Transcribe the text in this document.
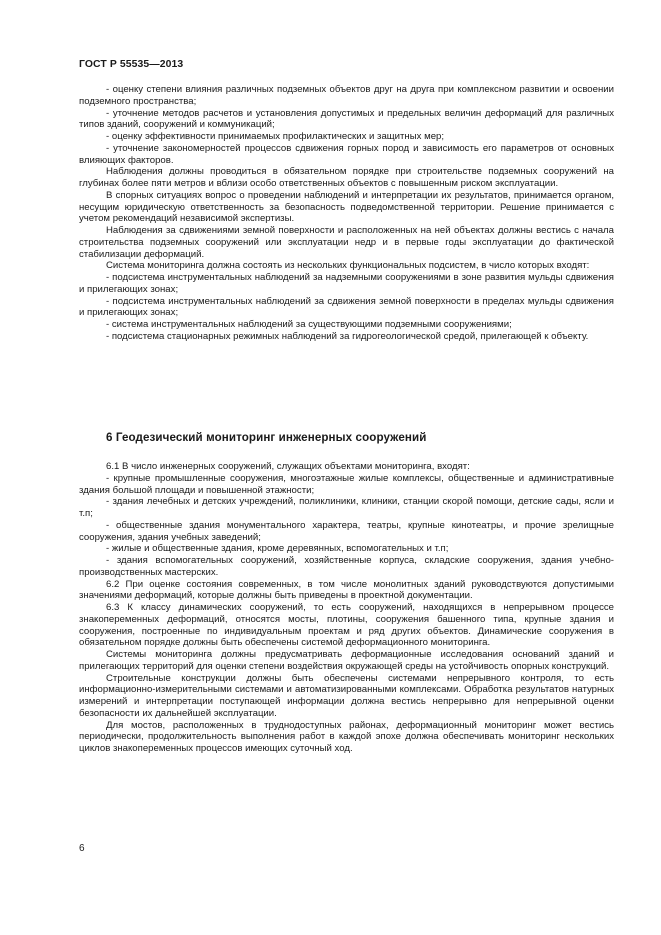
ГОСТ Р 55535—2013

- оценку степени влияния различных подземных объектов друг на друга при комплексном развитии и освоении подземного пространства;

- уточнение методов расчетов и установления допустимых и предельных величин деформаций для различных типов зданий, сооружений и коммуникаций;

- оценку эффективности принимаемых профилактических и защитных мер;

- уточнение закономерностей процессов сдвижения горных пород и зависимость его параметров от основных влияющих факторов.

Наблюдения должны проводиться в обязательном порядке при строительстве подземных сооружений на глубинах более пяти метров и вблизи особо ответственных объектов с повышенным риском эксплуатации.

В спорных ситуациях вопрос о проведении наблюдений и интерпретации их результатов, принимается органом, несущим юридическую ответственность за безопасность подведомственной территории. Решение принимается с учетом рекомендаций независимой экспертизы.

Наблюдения за сдвижениями земной поверхности и расположенных на ней объектах должны вестись с начала строительства подземных сооружений или эксплуатации недр и в первые годы эксплуатации до фактической стабилизации деформаций.

Система мониторинга должна состоять из нескольких функциональных подсистем, в число которых входят:

- подсистема инструментальных наблюдений за надземными сооружениями в зоне развития мульды сдвижения и прилегающих зонах;

- подсистема инструментальных наблюдений за сдвижения земной поверхности в пределах мульды сдвижения и прилегающих зонах;

- система инструментальных наблюдений за существующими подземными сооружениями;

- подсистема стационарных режимных наблюдений за гидрогеологической средой, прилегающей к объекту.

6 Геодезический мониторинг инженерных сооружений

6.1 В число инженерных сооружений, служащих объектами мониторинга, входят:

- крупные промышленные сооружения, многоэтажные жилые комплексы, общественные и административные здания большой площади и повышенной этажности;

- здания лечебных и детских учреждений, поликлиники, клиники, станции скорой помощи, детские сады, ясли и т.п;

- общественные здания монументального характера, театры, крупные кинотеатры, и прочие зрелищные сооружения, здания учебных заведений;

- жилые и общественные здания, кроме деревянных, вспомогательных и т.п;

- здания вспомогательных сооружений, хозяйственные корпуса, складские сооружения, здания учебно-производственных мастерских.

6.2 При оценке состояния современных, в том числе монолитных зданий руководствуются допустимыми значениями деформаций, которые должны быть приведены в проектной документации.

6.3 К классу динамических сооружений, то есть сооружений, находящихся в непрерывном процессе знакопеременных деформаций, относятся мосты, плотины, сооружения башенного типа, крупные здания и сооружения, построенные по индивидуальным проектам и ряд других объектов. Динамические сооружения в обязательном порядке должны быть обеспечены системой деформационного мониторинга.

Системы мониторинга должны предусматривать деформационные исследования оснований зданий и прилегающих территорий для оценки степени воздействия окружающей среды на устойчивость опорных конструкций.

Строительные конструкции должны быть обеспечены системами непрерывного контроля, то есть информационно-измерительными системами и автоматизированными комплексами. Обработка результатов натурных измерений и интерпретации поступающей информации должна вестись непрерывно для непрерывной оценки безопасности их дальнейшей эксплуатации.

Для мостов, расположенных в труднодоступных районах, деформационный мониторинг может вестись периодически, продолжительность выполнения работ в каждой эпохе должна обеспечивать мониторинг нескольких циклов знакопеременных процессов имеющих суточный ход.

6
